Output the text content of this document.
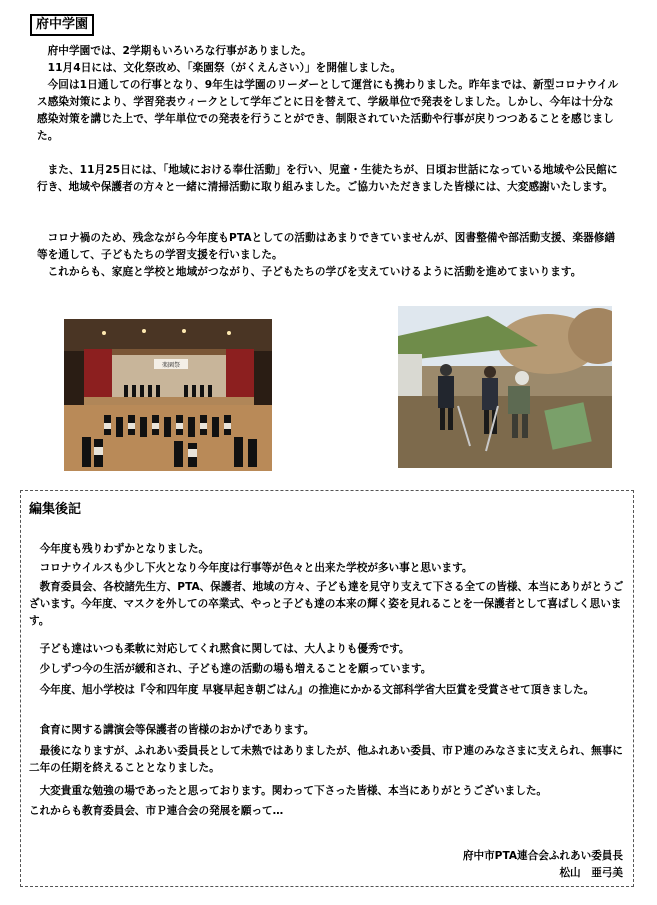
府中学園

府中学園では、2学期もいろいろな行事がありました。

11月4日には、文化祭改め、「楽園祭（がくえんさい）」を開催しました。

今回は1日通しての行事となり、9年生は学園のリーダーとして運営にも携わりました。昨年までは、新型コロナウイルス感染対策により、学習発表ウィークとして学年ごとに日を替えて、学級単位で発表をしました。しかし、今年は十分な感染対策を講じた上で、学年単位での発表を行うことができ、制限されていた活動や行事が戻りつつあることを感じました。

また、11月25日には、「地域における奉仕活動」を行い、児童・生徒たちが、日頃お世話になっている地域や公民館に行き、地域や保護者の方々と一緒に清掃活動に取り組みました。ご協力いただきました皆様には、大変感謝いたします。

コロナ禍のため、残念ながら今年度もPTAとしての活動はあまりできていませんが、図書整備や部活動支援、楽器修繕等を通して、子どもたちの学習支援を行いました。

これからも、家庭と学校と地域がつながり、子どもたちの学びを支えていけるように活動を進めてまいります。

楽園祭
編集後記

今年度も残りわずかとなりました。

コロナウイルスも少し下火となり今年度は行事等が色々と出来た学校が多い事と思います。

教育委員会、各校諸先生方、PTA、保護者、地域の方々、子ども達を見守り支えて下さる全ての皆様、本当にありがとうございます。今年度、マスクを外しての卒業式、やっと子ども達の本来の輝く姿を見れることを一保護者として喜ばしく思います。

子ども達はいつも柔軟に対応してくれ黙食に関しては、大人よりも優秀です。

少しずつ今の生活が緩和され、子ども達の活動の場も増えることを願っています。

今年度、旭小学校は『令和四年度 早寝早起き朝ごはん』の推進にかかる文部科学省大臣賞を受賞させて頂きました。

食育に関する講演会等保護者の皆様のおかげであります。

最後になりますが、ふれあい委員長として未熟ではありましたが、他ふれあい委員、市Ｐ連のみなさまに支えられ、無事に二年の任期を終えることとなりました。

大変貴重な勉強の場であったと思っております。関わって下さった皆様、本当にありがとうございました。

これからも教育委員会、市Ｐ連合会の発展を願って…

府中市PTA連合会ふれあい委員長
松山　亜弓美
